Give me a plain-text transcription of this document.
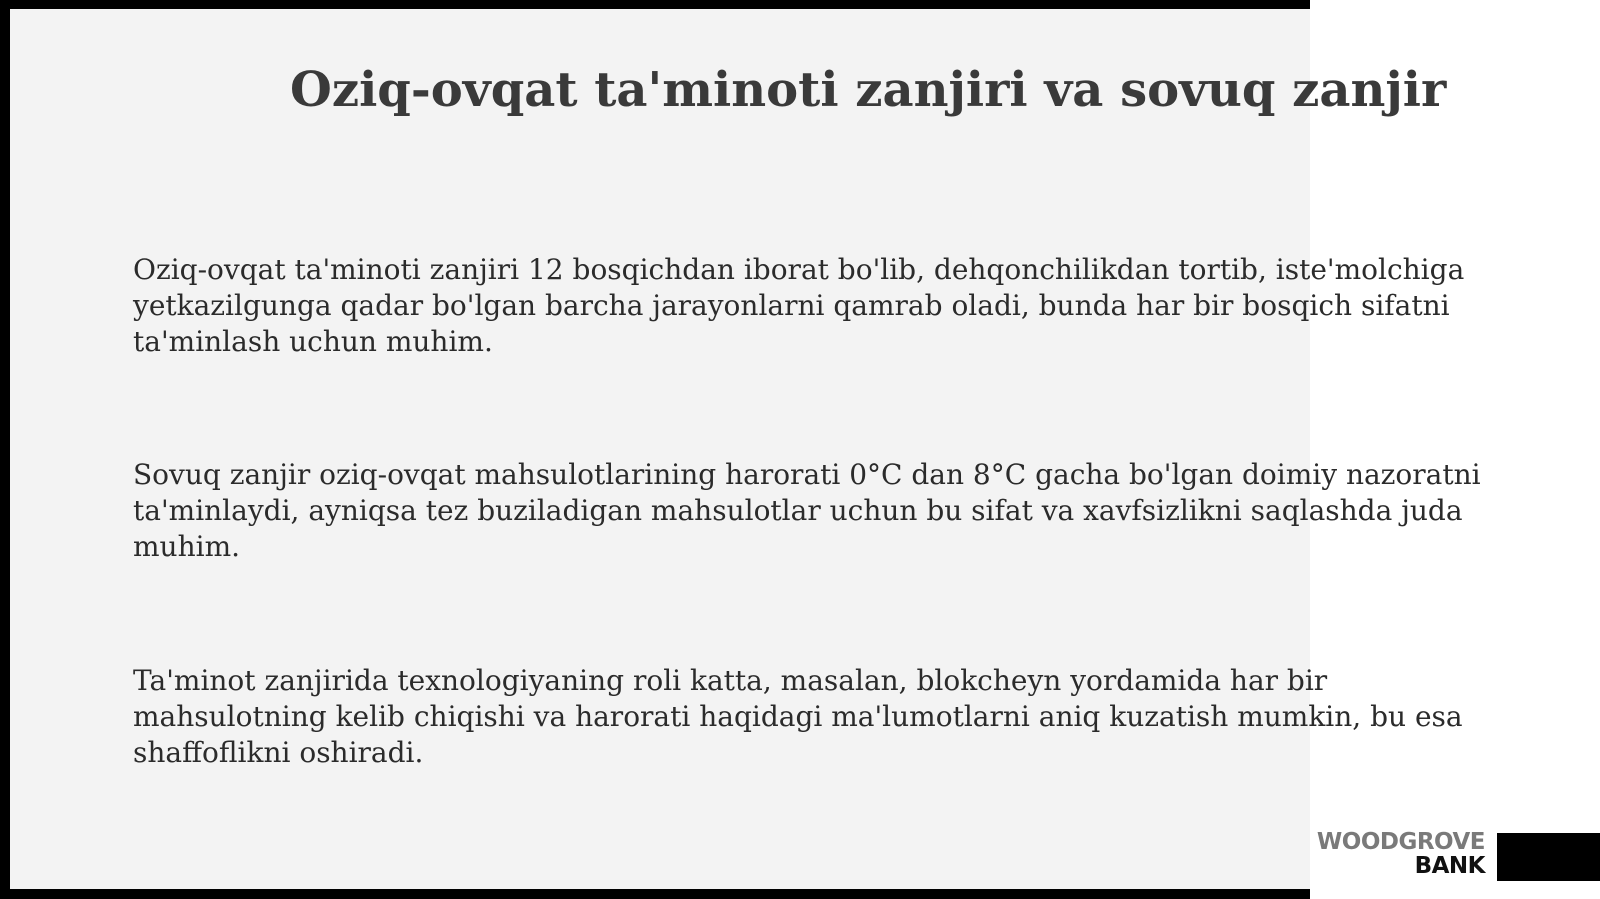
Oziq-ovqat ta'minoti zanjiri va sovuq zanjir

Oziq-ovqat ta'minoti zanjiri 12 bosqichdan iborat bo'lib, dehqonchilikdan tortib, iste'molchiga yetkazilgunga qadar bo'lgan barcha jarayonlarni qamrab oladi, bunda har bir bosqich sifatni ta'minlash uchun muhim.

Sovuq zanjir oziq-ovqat mahsulotlarining harorati 0°C dan 8°C gacha bo'lgan doimiy nazoratni ta'minlaydi, ayniqsa tez buziladigan mahsulotlar uchun bu sifat va xavfsizlikni saqlashda juda muhim.

Ta'minot zanjirida texnologiyaning roli katta, masalan, blokcheyn yordamida har bir mahsulotning kelib chiqishi va harorati haqidagi ma'lumotlarni aniq kuzatish mumkin, bu esa shaffoflikni oshiradi.

WOODGROVE
BANK
